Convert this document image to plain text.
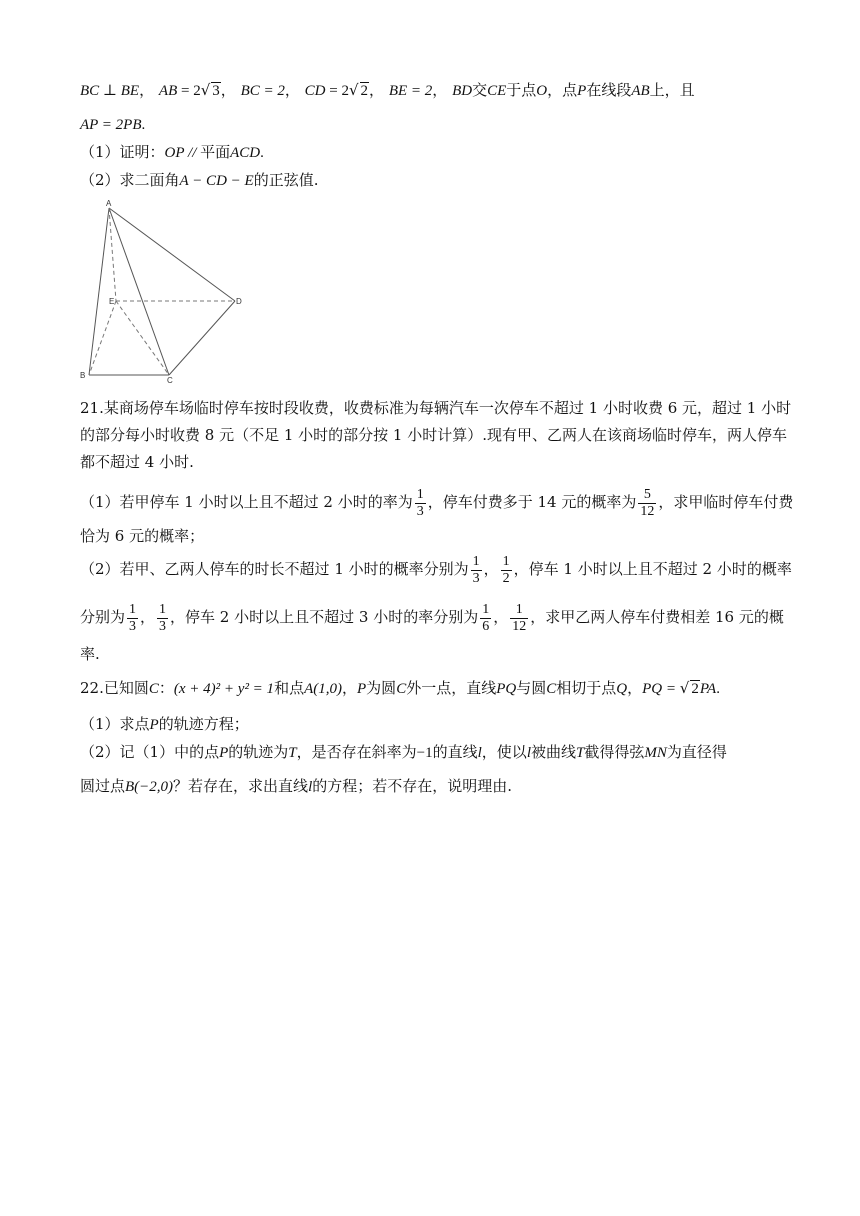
BC ⊥ BE， AB = 2√ 3， BC = 2， CD = 2√ 2， BE = 2， BD交CE于点O，点P在线段AB上，且
AP = 2PB.
（1）证明：OP // 平面ACD.
（2）求二面角A − CD − E的正弦值.
A
E	D
B
C
21.某商场停车场临时停车按时段收费，收费标准为每辆汽车一次停车不超过 1 小时收费 6 元，超过 1 小时
的部分每小时收费 8 元（不足 1 小时的部分按 1 小时计算）.现有甲、乙两人在该商场临时停车，两人停车
都不超过 4 小时.
（1）若甲停车 1 小时以上且不超过 2 小时的率为 $\frac{1}{3}$ ，停车付费多于 14 元的概率为 $\frac{5}{12}$ ，求甲临时停车付费
恰为 6 元的概率；
（2）若甲、乙两人停车的时长不超过 1 小时的概率分别为 $\frac{1}{3}$ ， $\frac{1}{2}$ ，停车 1 小时以上且不超过 2 小时的概率
分别为 $\frac{1}{3}$ ， $\frac{1}{3}$ ，停车 2 小时以上且不超过 3 小时的率分别为 $\frac{1}{6}$ ， $\frac{1}{12}$ ，求甲乙两人停车付费相差 16 元的概
率.
22.已知圆C：(x + 4)² + y² = 1和点A(1,0)，P为圆C外一点，直线PQ与圆C相切于点Q，PQ = √ 2PA.
（1）求点P的轨迹方程；
（2）记（1）中的点P的轨迹为T，是否存在斜率为−1的直线l，使以l被曲线T截得得弦MN为直径得
圆过点B(−2,0)？若存在，求出直线l的方程；若不存在，说明理由.
